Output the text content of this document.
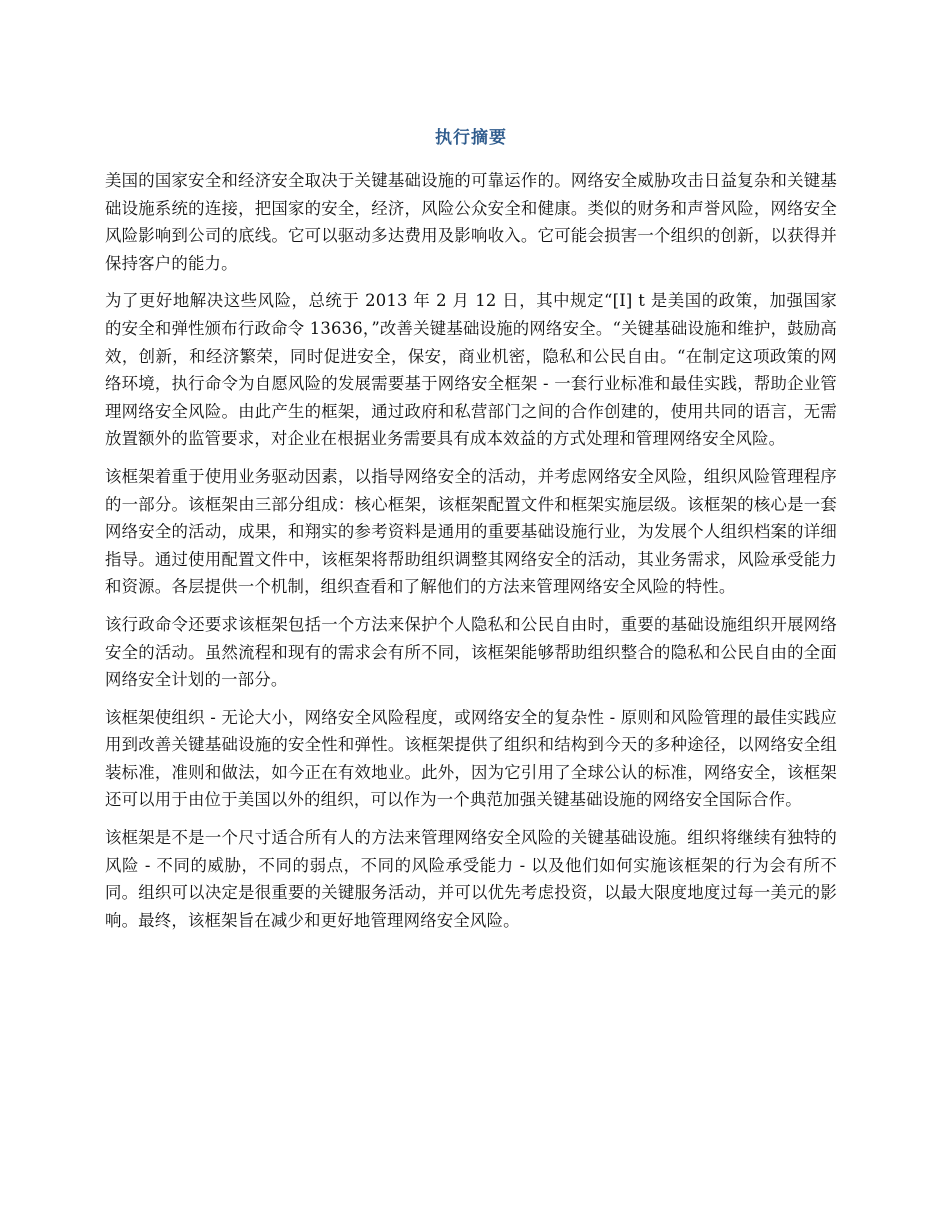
执行摘要

美国的国家安全和经济安全取决于关键基础设施的可靠运作的。网络安全威胁攻击日益复杂和关键基础设施系统的连接，把国家的安全，经济，风险公众安全和健康。类似的财务和声誉风险，网络安全风险影响到公司的底线。它可以驱动多达费用及影响收入。它可能会损害一个组织的创新，以获得并保持客户的能力。

为了更好地解决这些风险，总统于 2013 年 2 月 12 日，其中规定“[I] t 是美国的政策，加强国家的安全和弹性颁布行政命令 13636，”改善关键基础设施的网络安全。“关键基础设施和维护，鼓励高效，创新，和经济繁荣，同时促进安全，保安，商业机密，隐私和公民自由。“在制定这项政策的网络环境，执行命令为自愿风险的发展需要基于网络安全框架 - 一套行业标准和最佳实践，帮助企业管理网络安全风险。由此产生的框架，通过政府和私营部门之间的合作创建的，使用共同的语言，无需放置额外的监管要求，对企业在根据业务需要具有成本效益的方式处理和管理网络安全风险。

该框架着重于使用业务驱动因素，以指导网络安全的活动，并考虑网络安全风险，组织风险管理程序的一部分。该框架由三部分组成：核心框架，该框架配置文件和框架实施层级。该框架的核心是一套网络安全的活动，成果，和翔实的参考资料是通用的重要基础设施行业，为发展个人组织档案的详细指导。通过使用配置文件中，该框架将帮助组织调整其网络安全的活动，其业务需求，风险承受能力和资源。各层提供一个机制，组织查看和了解他们的方法来管理网络安全风险的特性。

该行政命令还要求该框架包括一个方法来保护个人隐私和公民自由时，重要的基础设施组织开展网络安全的活动。虽然流程和现有的需求会有所不同，该框架能够帮助组织整合的隐私和公民自由的全面网络安全计划的一部分。

该框架使组织 - 无论大小，网络安全风险程度，或网络安全的复杂性 - 原则和风险管理的最佳实践应用到改善关键基础设施的安全性和弹性。该框架提供了组织和结构到今天的多种途径，以网络安全组装标准，准则和做法，如今正在有效地业。此外，因为它引用了全球公认的标准，网络安全，该框架还可以用于由位于美国以外的组织，可以作为一个典范加强关键基础设施的网络安全国际合作。

该框架是不是一个尺寸适合所有人的方法来管理网络安全风险的关键基础设施。组织将继续有独特的风险 - 不同的威胁，不同的弱点，不同的风险承受能力 - 以及他们如何实施该框架的行为会有所不同。组织可以决定是很重要的关键服务活动，并可以优先考虑投资，以最大限度地度过每一美元的影响。最终，该框架旨在减少和更好地管理网络安全风险。
